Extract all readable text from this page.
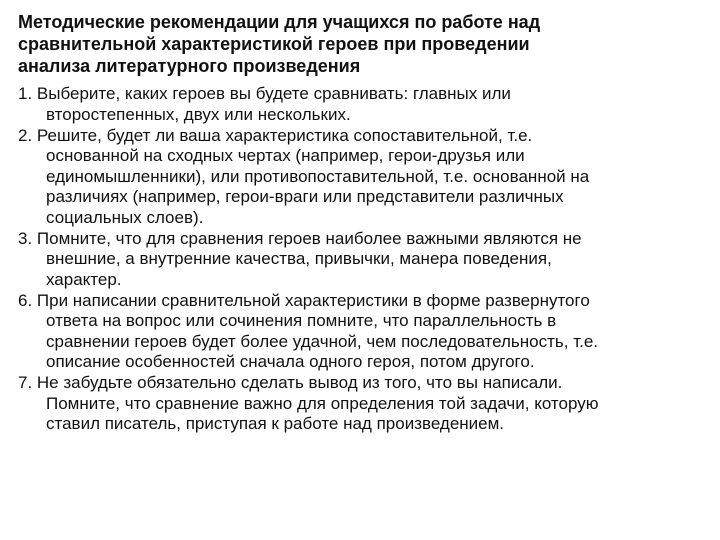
Методические рекомендации для учащихся по работе над
сравнительной характеристикой героев при проведении
анализа литературного произведения
1. Выберите, каких героев вы будете сравнивать: главных или
второстепенных, двух или нескольких.
2. Решите, будет ли ваша характеристика сопоставительной, т.е.
основанной на сходных чертах (например, герои-друзья или
единомышленники), или противопоставительной, т.е. основанной на
различиях (например, герои-враги или представители различных
социальных слоев).
3. Помните, что для сравнения героев наиболее важными являются не
внешние, а внутренние качества, привычки, манера поведения,
характер.
6. При написании сравнительной характеристики в форме развернутого
ответа на вопрос или сочинения помните, что параллельность в
сравнении героев будет более удачной, чем последовательность, т.е.
описание особенностей сначала одного героя, потом другого.
7. Не забудьте обязательно сделать вывод из того, что вы написали.
Помните, что сравнение важно для определения той задачи, которую
ставил писатель, приступая к работе над произведением.
